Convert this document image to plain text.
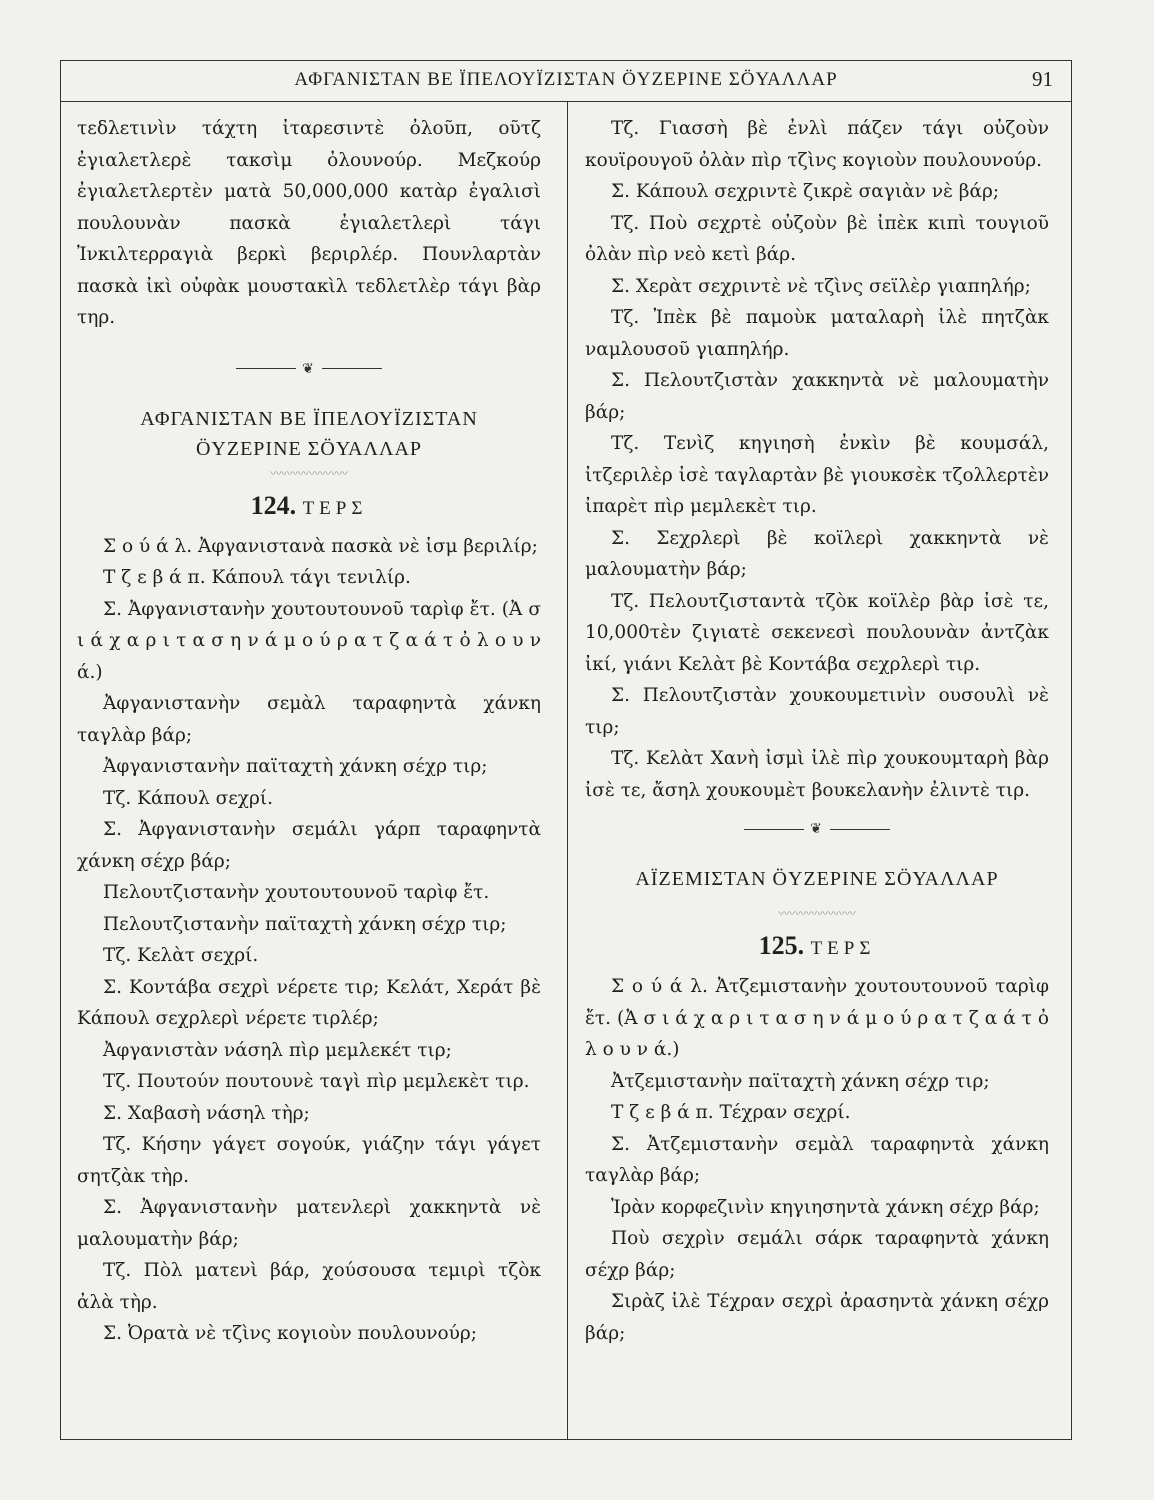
ΑΦΓΑΝΙΣΤΑΝ ΒΕ ΪΠΕΛΟΥΪΖΙΣΤΑΝ ÖΥΖΕΡΙΝΕ ΣÖΥΑΛΛΑΡ	91

τεδλετινὶν τάχτη ἰταρεσιντὲ ὀλοῦπ, οῦτζ ἐγιαλετλερὲ τακσὶμ ὀλουνούρ. Μεζκούρ ἐγιαλετλερτὲν ματὰ 50,000,000 κατὰρ ἐγαλισὶ πουλουνὰν πασκὰ ἐγιαλετλερὶ τάγι Ἰνκιλτερραγιὰ βερκὶ βεριρλέρ. Πουνλαρτὰν πασκὰ ἰκὶ οὐφὰκ μουστακὶλ τεδλετλὲρ τάγι βὰρ τηρ.

❦
ΑΦΓΑΝΙΣΤΑΝ ΒΕ ΪΠΕΛΟΥΪΖΙΣΤΑΝ
ÖΥΖΕΡΙΝΕ ΣÖΥΑΛΛΑΡ
〰〰〰〰〰〰〰
124. ΤΕΡΣ

Σ ο ύ ά λ. Ἀφγανιστανὰ πασκὰ νὲ ἰσμ βεριλίρ;

Τ ζ ε β ά π. Κάπουλ τάγι τενιλίρ.

Σ. Ἀφγανιστανὴν χουτουτουνοῦ ταρὶφ ἔτ. (Ἀ σ ι ά χ α ρ ι τ α σ η ν ά μ ο ύ ρ α τ ζ α ά τ ὀ λ ο υ ν ά.)

Ἀφγανιστανὴν σεμὰλ ταραφηντὰ χάνκη ταγλὰρ βάρ;

Ἀφγανιστανὴν παϊταχτὴ χάνκη σέχρ τιρ;

Τζ. Κάπουλ σεχρί.

Σ. Ἀφγανιστανὴν σεμάλι γάρπ ταραφηντὰ χάνκη σέχρ βάρ;

Πελουτζιστανὴν χουτουτουνοῦ ταρὶφ ἔτ.

Πελουτζιστανὴν παϊταχτὴ χάνκη σέχρ τιρ;

Τζ. Κελὰτ σεχρί.

Σ. Κοντάβα σεχρὶ νέρετε τιρ; Κελάτ, Χεράτ βὲ Κάπουλ σεχρλερὶ νέρετε τιρλέρ;

Ἀφγανιστὰν νάσηλ πὶρ μεμλεκέτ τιρ;

Τζ. Πουτούν πουτουνὲ ταγὶ πὶρ μεμλεκὲτ τιρ.

Σ. Χαβασὴ νάσηλ τὴρ;

Τζ. Κήσην γάγετ σογούκ, γιάζην τάγι γάγετ σητζὰκ τὴρ.

Σ. Ἀφγανιστανὴν ματενλερὶ χακκηντὰ νὲ μαλουματὴν βάρ;

Τζ. Πὸλ ματενὶ βάρ, χούσουσα τεμιρὶ τζὸκ ἀλὰ τὴρ.

Σ. Ὀρατὰ νὲ τζὶνς κογιοὺν πουλουνούρ;

Τζ. Γιασσὴ βὲ ἐνλὶ πάζεν τάγι οὐζοὺν κουϊρουγοῦ ὀλὰν πὶρ τζὶνς κογιοὺν πουλουνούρ.

Σ. Κάπουλ σεχριντὲ ζικρὲ σαγιὰν νὲ βάρ;

Τζ. Ποὺ σεχρτὲ οὐζοὺν βὲ ἰπὲκ κιπὶ τουγιοῦ ὀλὰν πὶρ νεὸ κετὶ βάρ.

Σ. Χερὰτ σεχριντὲ νὲ τζὶνς σεϊλὲρ γιαπηλήρ;

Τζ. Ἰπὲκ βὲ παμοὺκ ματαλαρὴ ἰλὲ πητζὰκ ναμλουσοῦ γιαπηλήρ.

Σ. Πελουτζιστὰν χακκηντὰ νὲ μαλουματὴν βάρ;

Τζ. Τενὶζ κηγιησὴ ἐνκὶν βὲ κουμσάλ, ἰτζεριλὲρ ἰσὲ ταγλαρτὰν βὲ γιουκσὲκ τζολλερτὲν ἰπαρὲτ πὶρ μεμλεκὲτ τιρ.

Σ. Σεχρλερὶ βὲ κοϊλερὶ χακκηντὰ νὲ μαλουματὴν βάρ;

Τζ. Πελουτζισταντὰ τζὸκ κοϊλὲρ βὰρ ἰσὲ τε, 10,000τὲν ζιγιατὲ σεκενεσὶ πουλουνὰν ἀντζὰκ ἰκί, γιάνι Κελὰτ βὲ Κοντάβα σεχρλερὶ τιρ.

Σ. Πελουτζιστὰν χουκουμετινὶν ουσουλὶ νὲ τιρ;

Τζ. Κελὰτ Χανὴ ἰσμὶ ἰλὲ πὶρ χουκουμταρὴ βὰρ ἰσὲ τε, ἄσηλ χουκουμὲτ βουκελανὴν ἐλιντὲ τιρ.

❦
ΑΪΖΕΜΙΣΤΑΝ ÖΥΖΕΡΙΝΕ ΣÖΥΑΛΛΑΡ
〰〰〰〰〰〰〰
125. ΤΕΡΣ

Σ ο ύ ά λ. Ἀτζεμιστανὴν χουτουτουνοῦ ταρὶφ ἔτ. (Ἀ σ ι ά χ α ρ ι τ α σ η ν ά μ ο ύ ρ α τ ζ α ά τ ὀ λ ο υ ν ά.)

Ἀτζεμιστανὴν παϊταχτὴ χάνκη σέχρ τιρ;

Τ ζ ε β ά π. Τέχραν σεχρί.

Σ. Ἀτζεμιστανὴν σεμὰλ ταραφηντὰ χάνκη ταγλὰρ βάρ;

Ἰρὰν κορφεζινὶν κηγιησηντὰ χάνκη σέχρ βάρ;

Ποὺ σεχρὶν σεμάλι σάρκ ταραφηντὰ χάνκη σέχρ βάρ;

Σιρὰζ ἰλὲ Τέχραν σεχρὶ ἀρασηντὰ χάνκη σέχρ βάρ;
